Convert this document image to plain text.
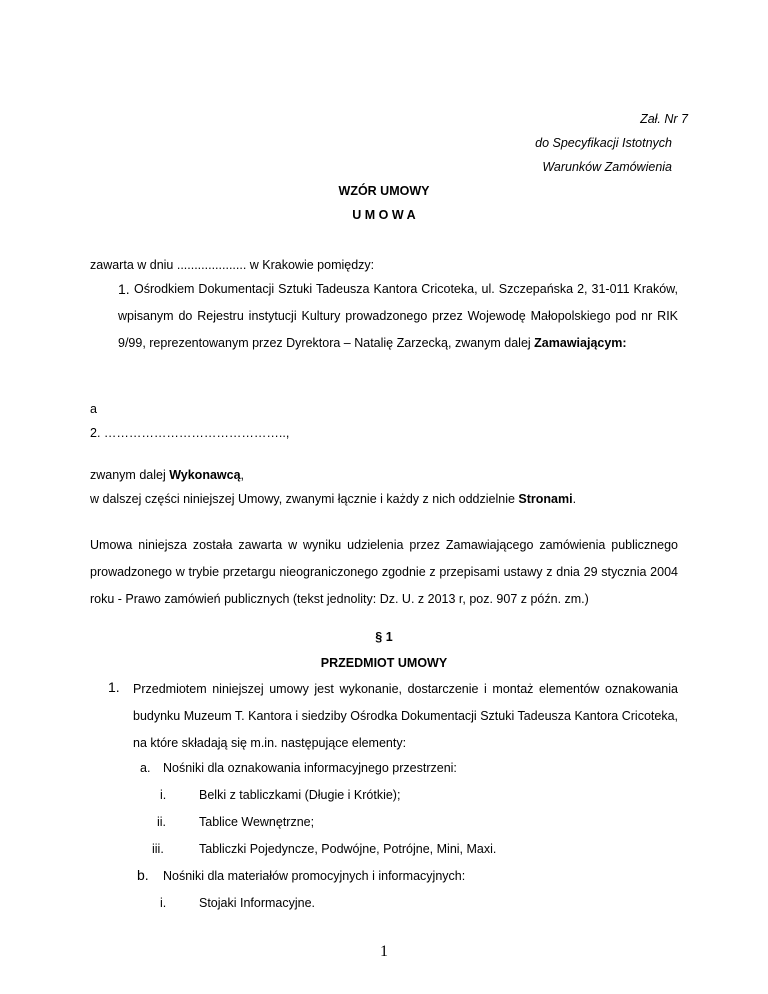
Zał. Nr 7
do Specyfikacji Istotnych
Warunków Zamówienia
WZÓR UMOWY
U M O W A
zawarta w dniu .................... w Krakowie pomiędzy:
1. Ośrodkiem Dokumentacji Sztuki Tadeusza Kantora Cricoteka, ul. Szczepańska 2, 31-011 Kraków, wpisanym do Rejestru instytucji Kultury prowadzonego przez Wojewodę Małopolskiego pod nr RIK 9/99, reprezentowanym przez Dyrektora – Natalię Zarzecką, zwanym dalej Zamawiającym:
a
2. ……………………………………..,
zwanym dalej Wykonawcą,
w dalszej części niniejszej Umowy, zwanymi łącznie i każdy z nich oddzielnie Stronami.
Umowa niniejsza została zawarta w wyniku udzielenia przez Zamawiającego zamówienia publicznego prowadzonego w trybie przetargu nieograniczonego zgodnie z przepisami ustawy z dnia 29 stycznia 2004 roku - Prawo zamówień publicznych (tekst jednolity: Dz. U. z 2013 r, poz. 907 z późn. zm.)
§ 1
PRZEDMIOT UMOWY
1. Przedmiotem niniejszej umowy jest wykonanie, dostarczenie i montaż elementów oznakowania budynku Muzeum T. Kantora i siedziby Ośrodka Dokumentacji Sztuki Tadeusza Kantora Cricoteka, na które składają się m.in. następujące elementy:
a. Nośniki dla oznakowania informacyjnego przestrzeni:
i.	Belki z tabliczkami (Długie i Krótkie);
ii.	Tablice Wewnętrzne;
iii.	Tabliczki Pojedyncze, Podwójne, Potrójne, Mini, Maxi.
b. Nośniki dla materiałów promocyjnych i informacyjnych:
i.	Stojaki Informacyjne.
1
